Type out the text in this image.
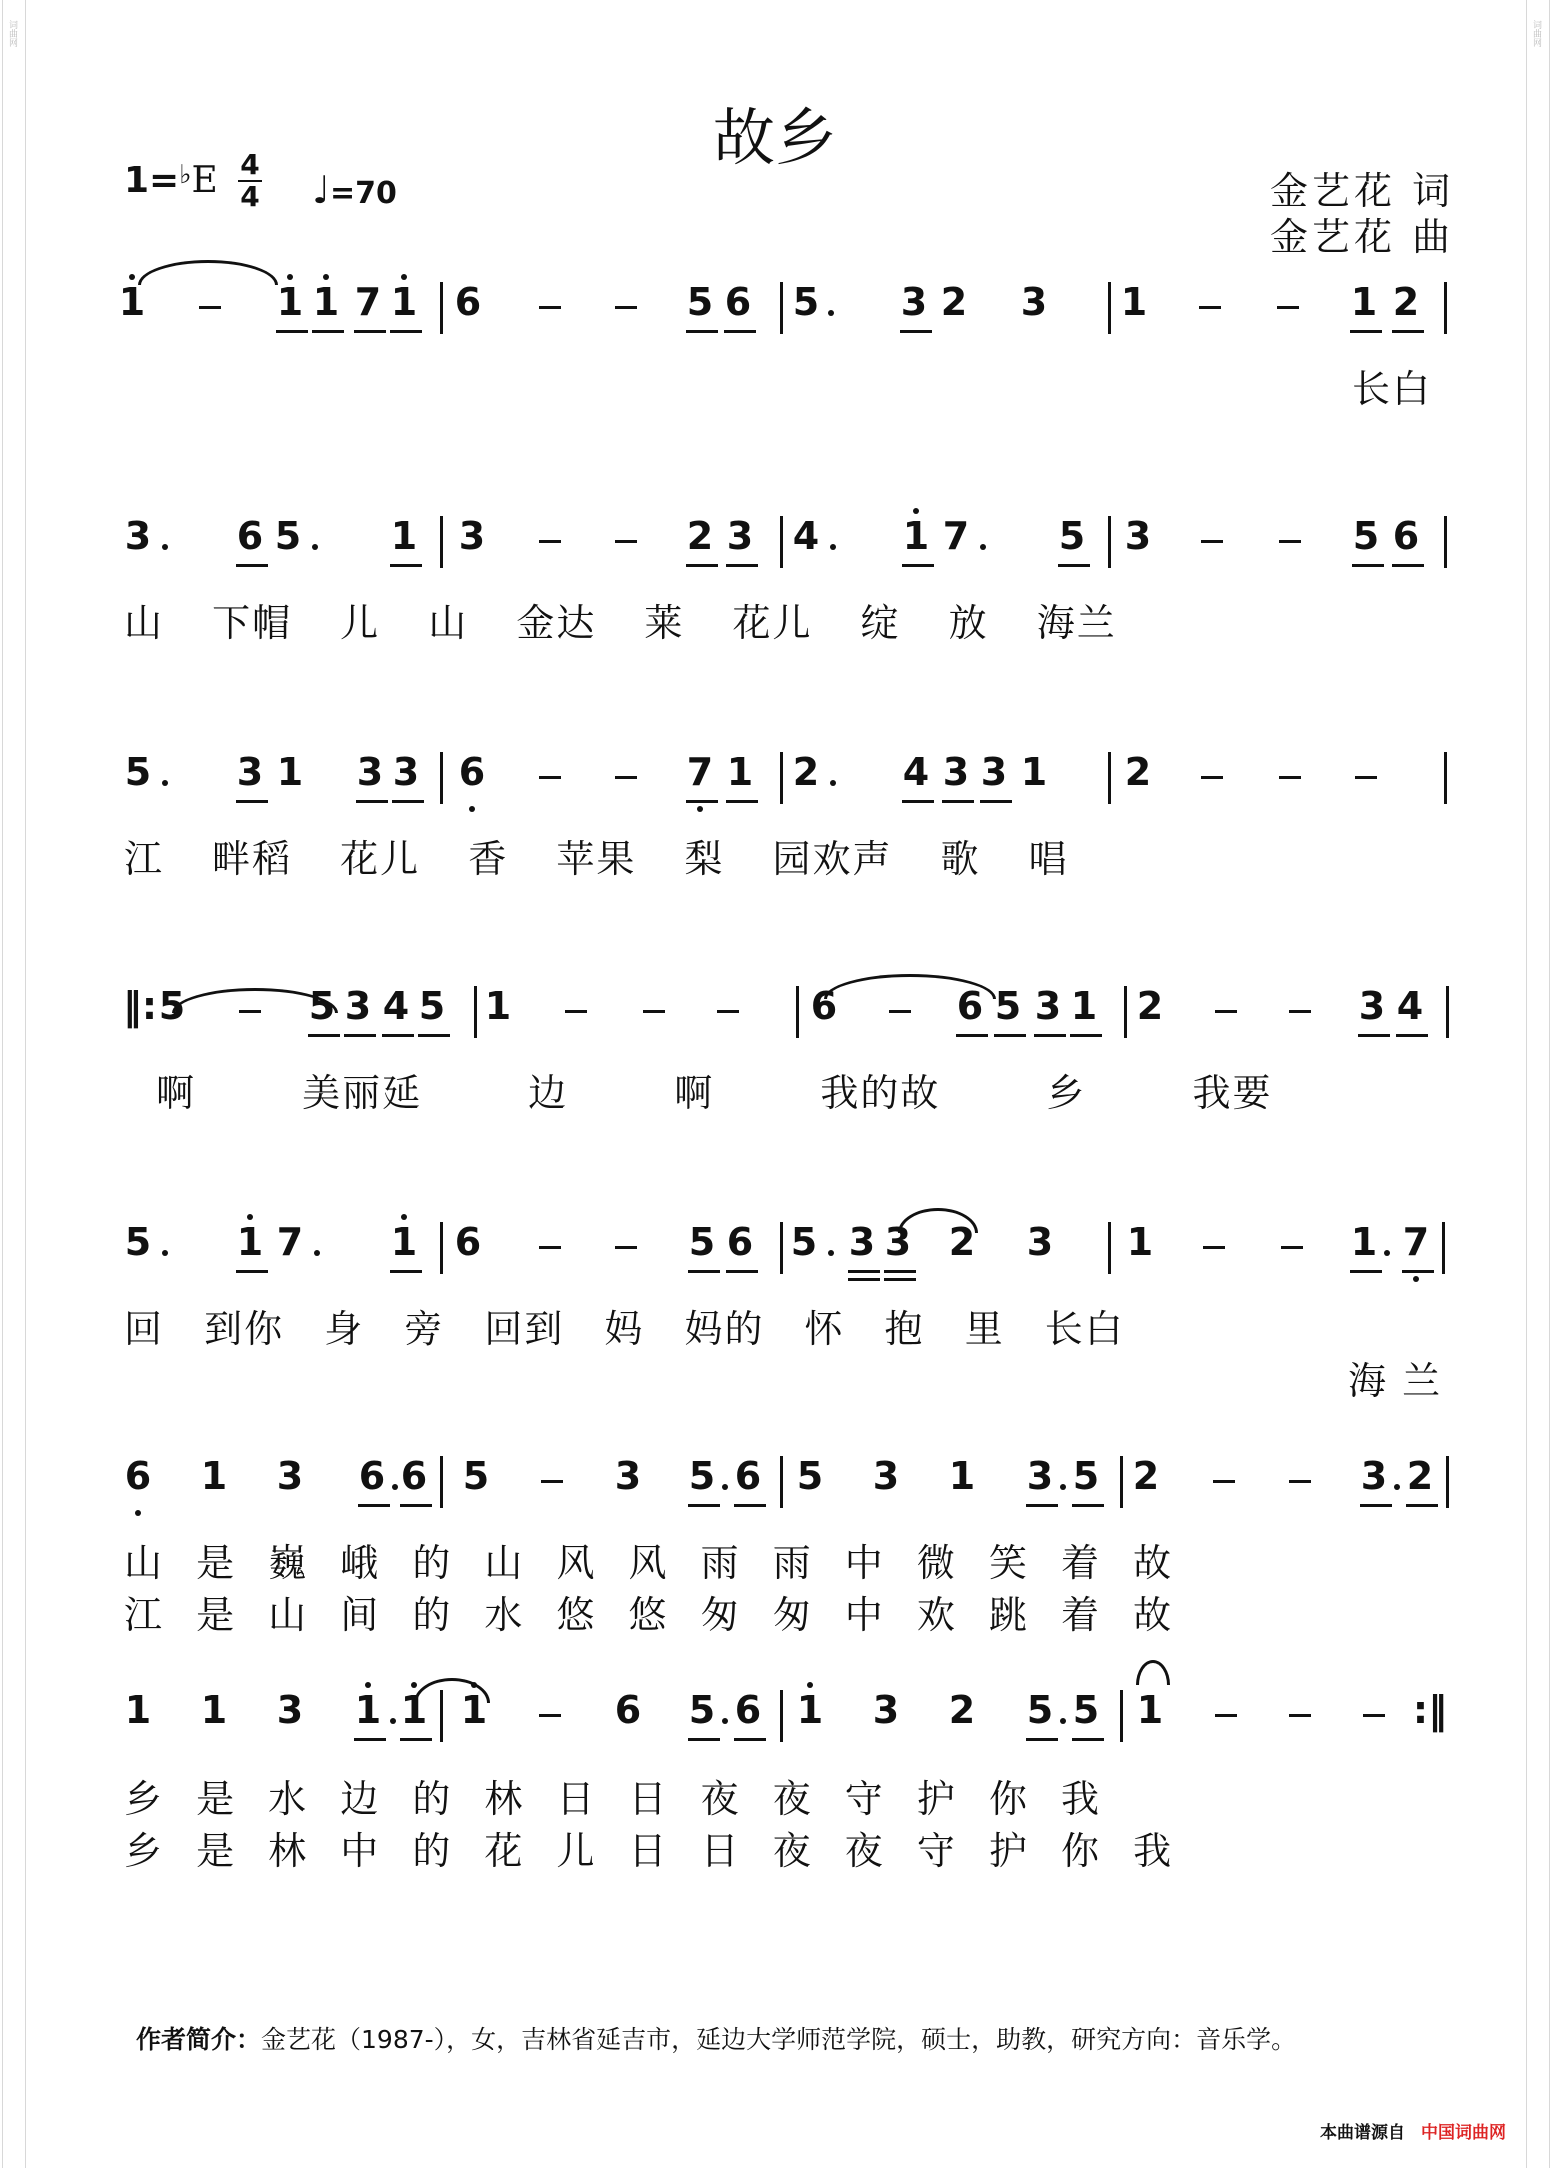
词曲网	词曲网
故乡
1=♭E 4
4 ♩=70	金艺花 词
金艺花 曲
1	1 1 7 1 6	5 6 5 3 2 3 1	1 2
3 6 5 1 3	2 3 4 1 7 5 3	5 6
5 3 1 3 3 6	7 1 2 4 3 3 1 2
‖: 5	5 3 4 5 1	6	6 5 3 1 2	3 4
5 1 7 1 6	5 6 5 3 3 2 3 1	1 7
6 1 3 6 6 5	3 5 6 5 3 1 3 5 2	3 2
1 1 3 1 1 1	6 5 6 1 3 2 5 5 1	:‖
长白
山 下帽 儿 山 金达 莱 花儿 绽 放 海兰
江 畔稻 花儿 香 苹果 梨 园欢声 歌 唱
啊 美丽延 边 啊 我的故 乡 我要
回 到你 身 旁 回到 妈 妈的 怀 抱 里 长白
海 兰
山 是 巍 峨 的 山 风 风 雨 雨 中 微 笑 着 故
江 是 山 间 的 水 悠 悠 匆 匆 中 欢 跳 着 故
乡 是 水 边 的 林 日 日 夜 夜 守 护 你 我
乡 是 林 中 的 花 儿 日 日 夜 夜 守 护 你 我
作者简介：金艺花（1987-），女，吉林省延吉市，延边大学师范学院，硕士，助教，研究方向：音乐学。
本曲谱源自 中国词曲网
